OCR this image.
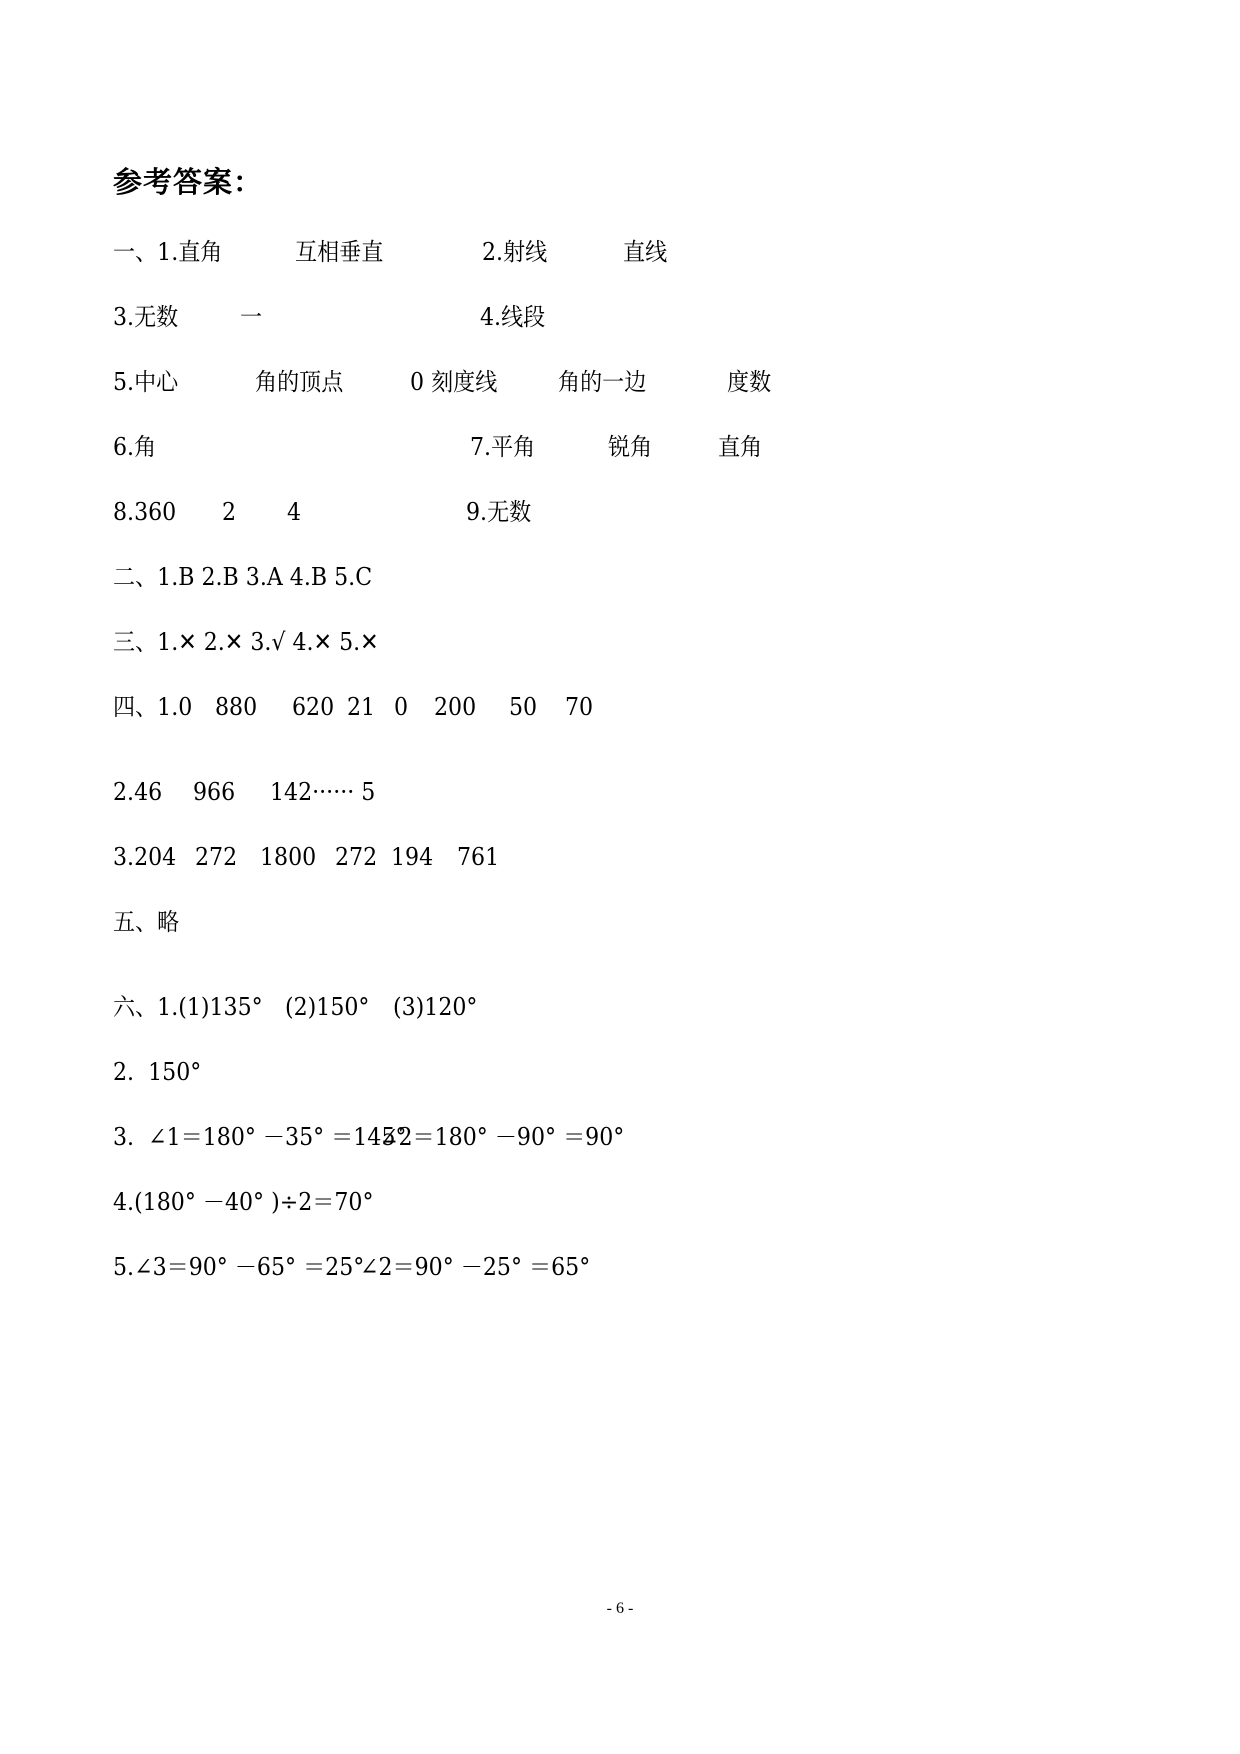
参考答案：
一、1.直角	互相垂直	2.射线	直线
3.无数	一	4.线段
5.中心	角的顶点	0 刻度线	角的一边	度数
6.角	7.平角	锐角	直角
8.360 2 4	9.无数
二、1.B 2.B 3.A 4.B 5.C
三、1.✕ 2.✕ 3.√ 4.✕ 5.✕
四、1.0 880 620 21 0 200 50 70
2.46 966 142······ 5
3.204 272 1800 272 194 761
五、略
六、1.(1)135° (2)150° (3)120°
2.  150°
3.  ∠1＝180° －35° ＝145°
∠2＝180° －90° ＝90°
4.(180° －40° )÷2＝70°
5.∠3＝90° －65° ＝25°
∠2＝90° －25° ＝65°
- 6 -
